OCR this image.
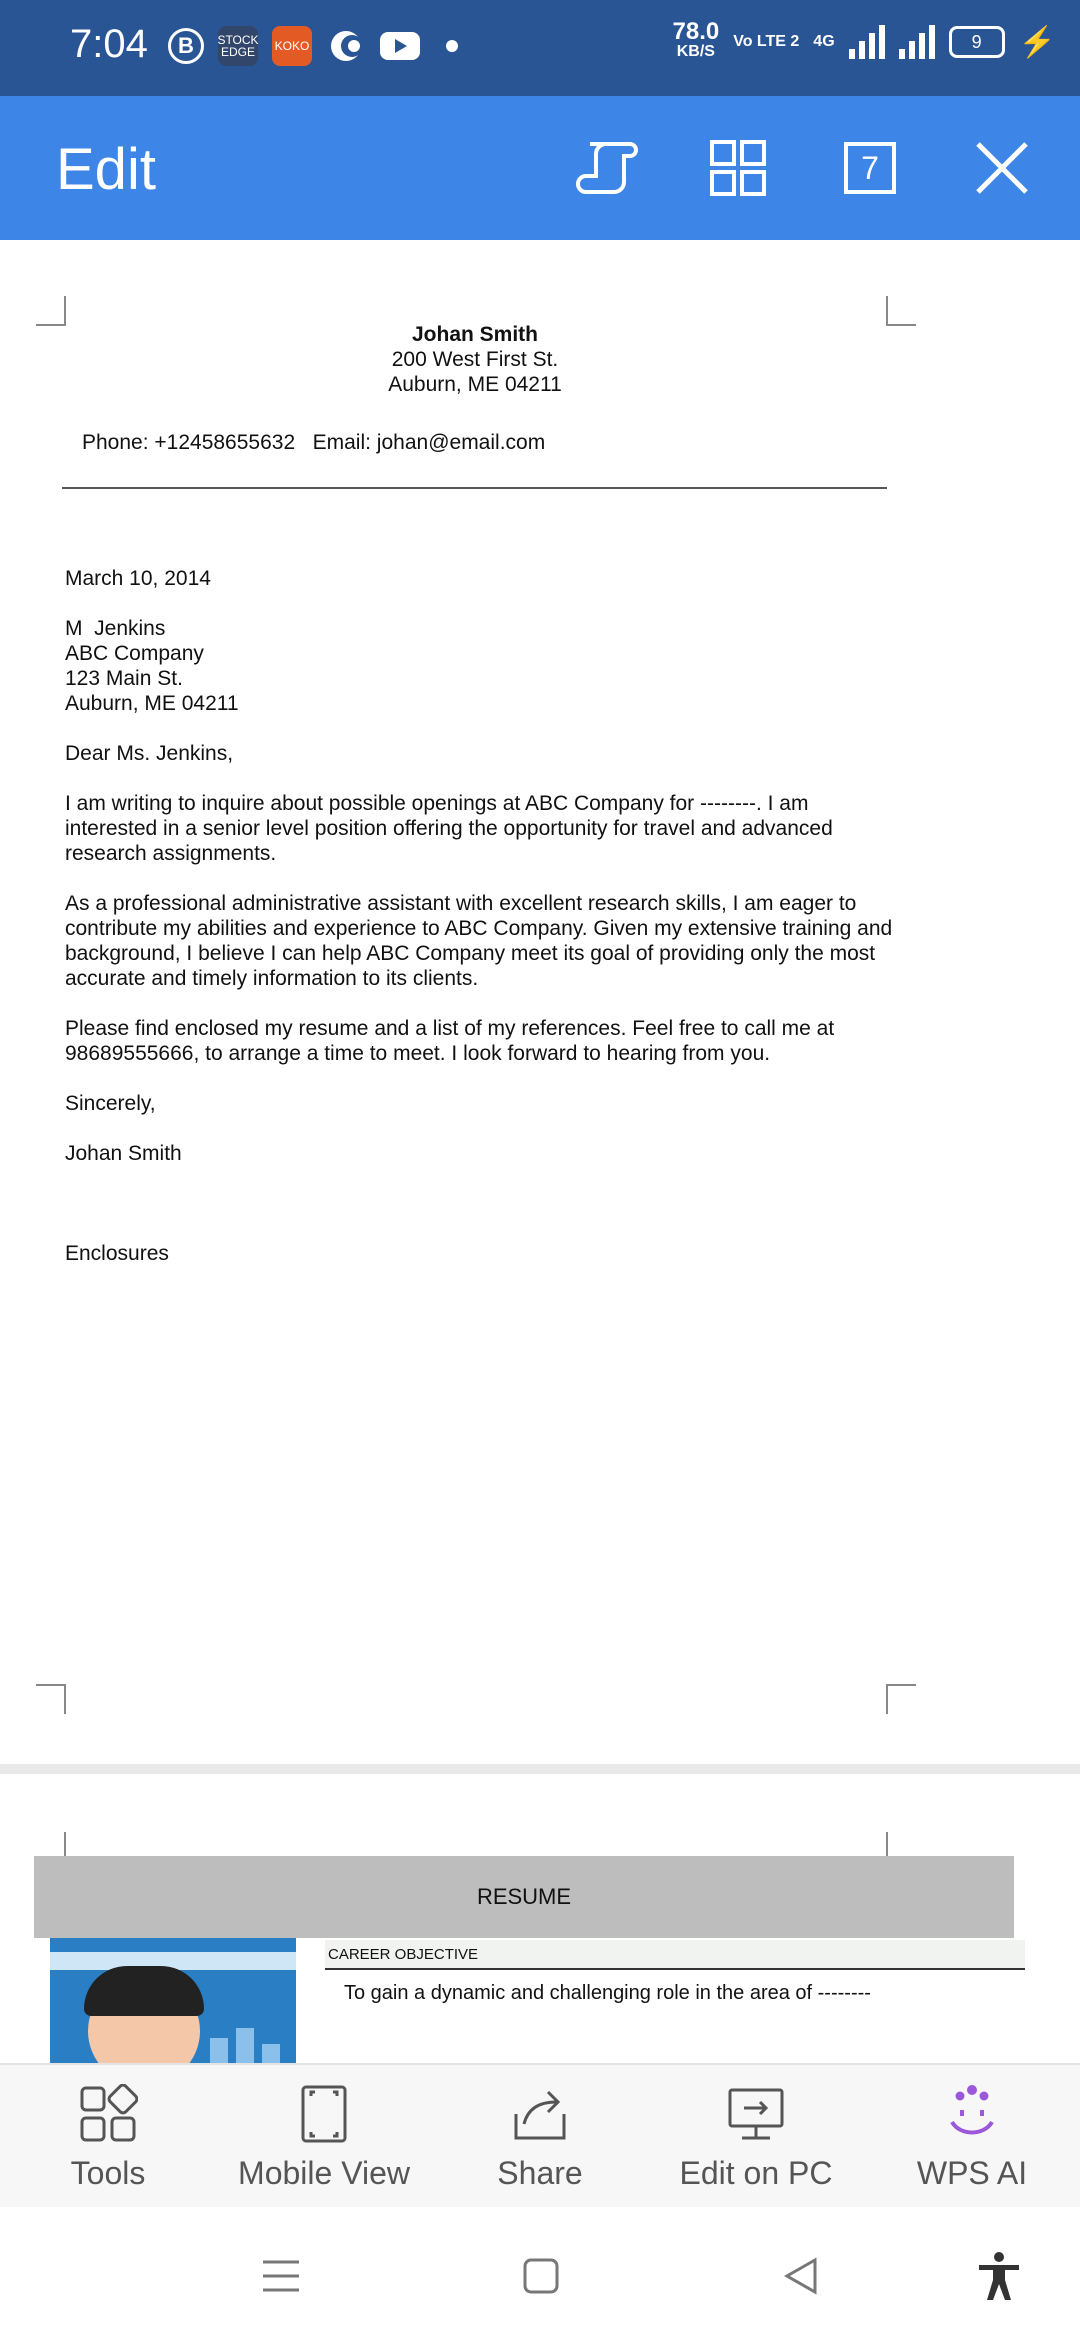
7:04	B	STOCK EDGE KOKO
78.0
KB/S
Vo LTE 2 4G	9 ⚡
Edit	7
Johan Smith
200 West First St.
Auburn, ME 04211
Phone: +12458655632   Email: johan@email.com
March 10, 2014
M  Jenkins
ABC Company
123 Main St.
Auburn, ME 04211
Dear Ms. Jenkins,
I am writing to inquire about possible openings at ABC Company for --------. I am interested in a senior level position offering the opportunity for travel and advanced research assignments.
As a professional administrative assistant with excellent research skills, I am eager to contribute my abilities and experience to ABC Company. Given my extensive training and background, I believe I can help ABC Company meet its goal of providing only the most accurate and timely information to its clients.
Please find enclosed my resume and a list of my references. Feel free to call me at 98689555666, to arrange a time to meet. I look forward to hearing from you.
Sincerely,
Johan Smith
Enclosures
RESUME
CAREER OBJECTIVE
To gain a dynamic and challenging role in the area of --------
Tools	Mobile View	Share	Edit on PC	WPS AI
